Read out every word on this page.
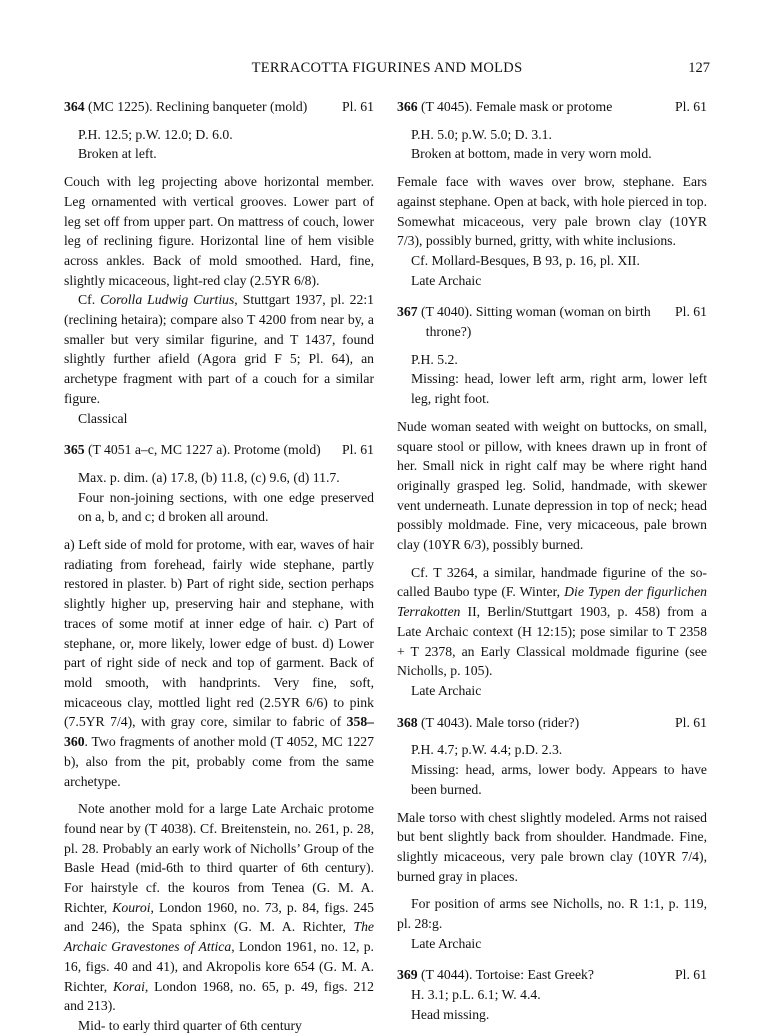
TERRACOTTA FIGURINES AND MOLDS	127
364 (MC 1225). Reclining banqueter (mold)	Pl. 61

P.H. 12.5; p.W. 12.0; D. 6.0.

Broken at left.

Couch with leg projecting above horizontal member. Leg ornamented with vertical grooves. Lower part of leg set off from upper part. On mattress of couch, lower leg of reclining figure. Horizontal line of hem visible across ankles. Back of mold smoothed. Hard, fine, slightly micaceous, light-red clay (2.5YR 6/8).

Cf. Corolla Ludwig Curtius, Stuttgart 1937, pl. 22:1 (reclining hetaira); compare also T 4200 from near by, a smaller but very similar figurine, and T 1437, found slightly further afield (Agora grid F 5; Pl. 64), an archetype fragment with part of a couch for a similar figure.

Classical

365 (T 4051 a–c, MC 1227 a). Protome (mold)	Pl. 61

Max. p. dim. (a) 17.8, (b) 11.8, (c) 9.6, (d) 11.7.

Four non-joining sections, with one edge preserved on a, b, and c; d broken all around.

a) Left side of mold for protome, with ear, waves of hair radiating from forehead, fairly wide stephane, partly restored in plaster. b) Part of right side, section perhaps slightly higher up, preserving hair and stephane, with traces of some motif at inner edge of hair. c) Part of stephane, or, more likely, lower edge of bust. d) Lower part of right side of neck and top of garment. Back of mold smooth, with handprints. Very fine, soft, micaceous clay, mottled light red (2.5YR 6/6) to pink (7.5YR 7/4), with gray core, similar to fabric of 358–360. Two fragments of another mold (T 4052, MC 1227 b), also from the pit, probably come from the same archetype.

Note another mold for a large Late Archaic protome found near by (T 4038). Cf. Breitenstein, no. 261, p. 28, pl. 28. Probably an early work of Nicholls’ Group of the Basle Head (mid-6th to third quarter of 6th century). For hairstyle cf. the kouros from Tenea (G. M. A. Richter, Kouroi, London 1960, no. 73, p. 84, figs. 245 and 246), the Spata sphinx (G. M. A. Richter, The Archaic Gravestones of Attica, London 1961, no. 12, p. 16, figs. 40 and 41), and Akropolis kore 654 (G. M. A. Richter, Korai, London 1968, no. 65, p. 49, figs. 212 and 213).

Mid- to early third quarter of 6th century

366 (T 4045). Female mask or protome	Pl. 61

P.H. 5.0; p.W. 5.0; D. 3.1.

Broken at bottom, made in very worn mold.

Female face with waves over brow, stephane. Ears against stephane. Open at back, with hole pierced in top. Somewhat micaceous, very pale brown clay (10YR 7/3), possibly burned, gritty, with white inclusions.

Cf. Mollard-Besques, B 93, p. 16, pl. XII.

Late Archaic

367 (T 4040). Sitting woman (woman on birth throne?)
Pl. 61

P.H. 5.2.

Missing: head, lower left arm, right arm, lower left leg, right foot.

Nude woman seated with weight on buttocks, on small, square stool or pillow, with knees drawn up in front of her. Small nick in right calf may be where right hand originally grasped leg. Solid, handmade, with skewer vent underneath. Lunate depression in top of neck; head possibly moldmade. Fine, very micaceous, pale brown clay (10YR 6/3), possibly burned.

Cf. T 3264, a similar, handmade figurine of the so-called Baubo type (F. Winter, Die Typen der figurlichen Terrakotten II, Berlin/Stuttgart 1903, p. 458) from a Late Archaic context (H 12:15); pose similar to T 2358 + T 2378, an Early Classical moldmade figurine (see Nicholls, p. 105).

Late Archaic

368 (T 4043). Male torso (rider?)	Pl. 61

P.H. 4.7; p.W. 4.4; p.D. 2.3.

Missing: head, arms, lower body. Appears to have been burned.

Male torso with chest slightly modeled. Arms not raised but bent slightly back from shoulder. Handmade. Fine, slightly micaceous, very pale brown clay (10YR 7/4), burned gray in places.

For position of arms see Nicholls, no. R 1:1, p. 119, pl. 28:g.

Late Archaic

369 (T 4044). Tortoise: East Greek?	Pl. 61

H. 3.1; p.L. 6.1; W. 4.4.

Head missing.
